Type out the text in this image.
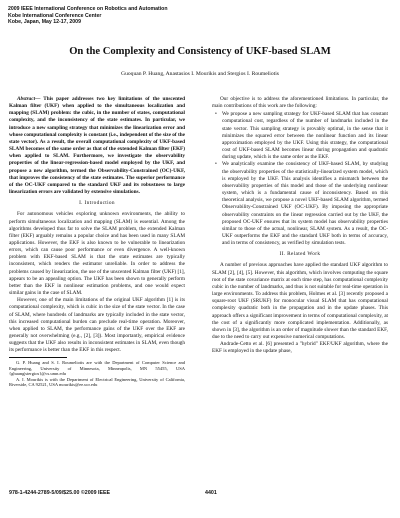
2009 IEEE International Conference on Robotics and Automation
Kobe International Conference Center
Kobe, Japan, May 12-17, 2009
On the Complexity and Consistency of UKF-based SLAM
Guoquan P. Huang, Anastasios I. Mourikis and Stergios I. Roumeliotis

Abstract— This paper addresses two key limitations of the unscented Kalman filter (UKF) when applied to the simultaneous localization and mapping (SLAM) problem: the cubic, in the number of states, computational complexity, and the inconsistency of the state estimates. In particular, we introduce a new sampling strategy that minimizes the linearization error and whose computational complexity is constant (i.e., independent of the size of the state vector). As a result, the overall computational complexity of UKF-based SLAM becomes of the same order as that of the extended Kalman filter (EKF) when applied to SLAM. Furthermore, we investigate the observability properties of the linear-regression-based model employed by the UKF, and propose a new algorithm, termed the Observability-Constrained (OC)-UKF, that improves the consistency of the state estimates. The superior performance of the OC-UKF compared to the standard UKF and its robustness to large linearization errors are validated by extensive simulations.

I. Introduction

For autonomous vehicles exploring unknown environments, the ability to perform simultaneous localization and mapping (SLAM) is essential. Among the algorithms developed thus far to solve the SLAM problem, the extended Kalman filter (EKF) arguably remains a popular choice and has been used in many SLAM applications. However, the EKF is also known to be vulnerable to linearization errors, which can cause poor performance or even divergence. A well-known problem with EKF-based SLAM is that the state estimates are typically inconsistent, which renders the estimator unreliable. In order to address the problems caused by linearization, the use of the unscented Kalman filter (UKF) [1], appears to be an appealing option. The UKF has been shown to generally perform better than the EKF in nonlinear estimation problems, and one would expect similar gains in the case of SLAM.

However, one of the main limitations of the original UKF algorithm [1] is its computational complexity, which is cubic in the size of the state vector. In the case of SLAM, where hundreds of landmarks are typically included in the state vector, this increased computational burden can preclude real-time operation. Moreover, when applied to SLAM, the performance gains of the UKF over the EKF are generally not overwhelming (e.g., [2], [3]). Most importantly, empirical evidence suggests that the UKF also results in inconsistent estimates in SLAM, even though its performance is better than the EKF in this respect.

G. P. Huang and S. I. Roumeliotis are with the Department of Computer Science and Engineering, University of Minnesota, Minneapolis, MN 55455, USA {ghuang|stergios}@cs.umn.edu

A. I. Mourikis is with the Department of Electrical Engineering, University of California, Riverside, CA 92521, USA mourikis@ee.ucr.edu

Our objective is to address the aforementioned limitations. In particular, the main contributions of this work are the following:

• We propose a new sampling strategy for UKF-based SLAM that has constant computational cost, regardless of the number of landmarks included in the state vector. This sampling strategy is provably optimal, in the sense that it minimizes the squared error between the nonlinear function and its linear approximation employed by the UKF. Using this strategy, the computational cost of UKF-based SLAM becomes linear during propagation and quadratic during update, which is the same order as the EKF.
• We analytically examine the consistency of UKF-based SLAM, by studying the observability properties of the statistically-linearized system model, which is employed by the UKF. This analysis identifies a mismatch between the observability properties of this model and those of the underlying nonlinear system, which is a fundamental cause of inconsistency. Based on this theoretical analysis, we propose a novel UKF-based SLAM algorithm, termed Observability-Constrained UKF (OC-UKF). By imposing the appropriate observability constraints on the linear regression carried out by the UKF, the proposed OC-UKF ensures that its system model has observability properties similar to those of the actual, nonlinear, SLAM system. As a result, the OC-UKF outperforms the EKF and the standard UKF both in terms of accuracy, and in terms of consistency, as verified by simulation tests.
II. Related Work

A number of previous approaches have applied the standard UKF algorithm to SLAM [2], [4], [5]. However, this algorithm, which involves computing the square root of the state covariance matrix at each time step, has computational complexity cubic in the number of landmarks, and thus is not suitable for real-time operation in large environments. To address this problem, Holmes et al. [3] recently proposed a square-root UKF (SRUKF) for monocular visual SLAM that has computational complexity quadratic both in the propagation and in the update phases. This approach offers a significant improvement in terms of computational complexity, at the cost of a significantly more complicated implementation. Additionally, as shown in [3], the algorithm is an order of magnitude slower than the standard EKF, due to the need to carry out expensive numerical computations.

Andrade-Cetto et al. [6] presented a "hybrid" EKF/UKF algorithm, where the EKF is employed in the update phase,

978-1-4244-2789-5/09/$25.00 ©2009 IEEE	4401
